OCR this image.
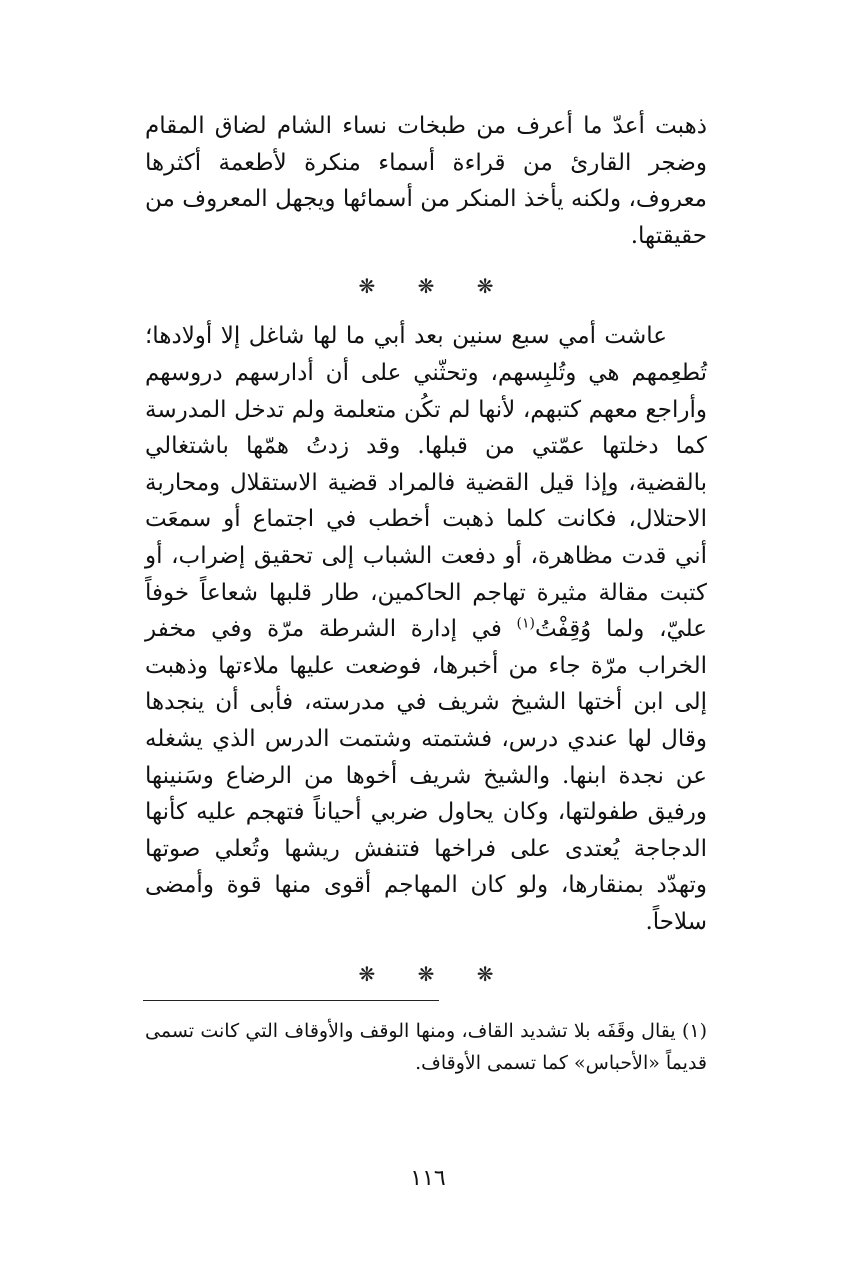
ذهبت أعدّ ما أعرف من طبخات نساء الشام لضاق المقام وضجر القارئ من قراءة أسماء منكرة لأطعمة أكثرها معروف، ولكنه يأخذ المنكر من أسمائها ويجهل المعروف من حقيقتها.

❋ ❋ ❋

عاشت أمي سبع سنين بعد أبي ما لها شاغل إلا أولادها؛ تُطعِمهم هي وتُلبِسهم، وتحثّني على أن أدارسهم دروسهم وأراجع معهم كتبهم، لأنها لم تكُن متعلمة ولم تدخل المدرسة كما دخلتها عمّتي من قبلها. وقد زدتُ همّها باشتغالي بالقضية، وإذا قيل القضية فالمراد قضية الاستقلال ومحاربة الاحتلال، فكانت كلما ذهبت أخطب في اجتماع أو سمعَت أني قدت مظاهرة، أو دفعت الشباب إلى تحقيق إضراب، أو كتبت مقالة مثيرة تهاجم الحاكمين، طار قلبها شعاعاً خوفاً عليّ، ولما وُقِفْتُ$^{(١)}$ في إدارة الشرطة مرّة وفي مخفر الخراب مرّة جاء من أخبرها، فوضعت عليها ملاءتها وذهبت إلى ابن أختها الشيخ شريف في مدرسته، فأبى أن ينجدها وقال لها عندي درس، فشتمته وشتمت الدرس الذي يشغله عن نجدة ابنها. والشيخ شريف أخوها من الرضاع وسَنينها ورفيق طفولتها، وكان يحاول ضربي أحياناً فتهجم عليه كأنها الدجاجة يُعتدى على فراخها فتنفش ريشها وتُعلي صوتها وتهدّد بمنقارها، ولو كان المهاجم أقوى منها قوة وأمضى سلاحاً.

❋ ❋ ❋
(١) يقال وقَفَه بلا تشديد القاف، ومنها الوقف والأوقاف التي كانت تسمى قديماً «الأحباس» كما تسمى الأوقاف.
١١٦
